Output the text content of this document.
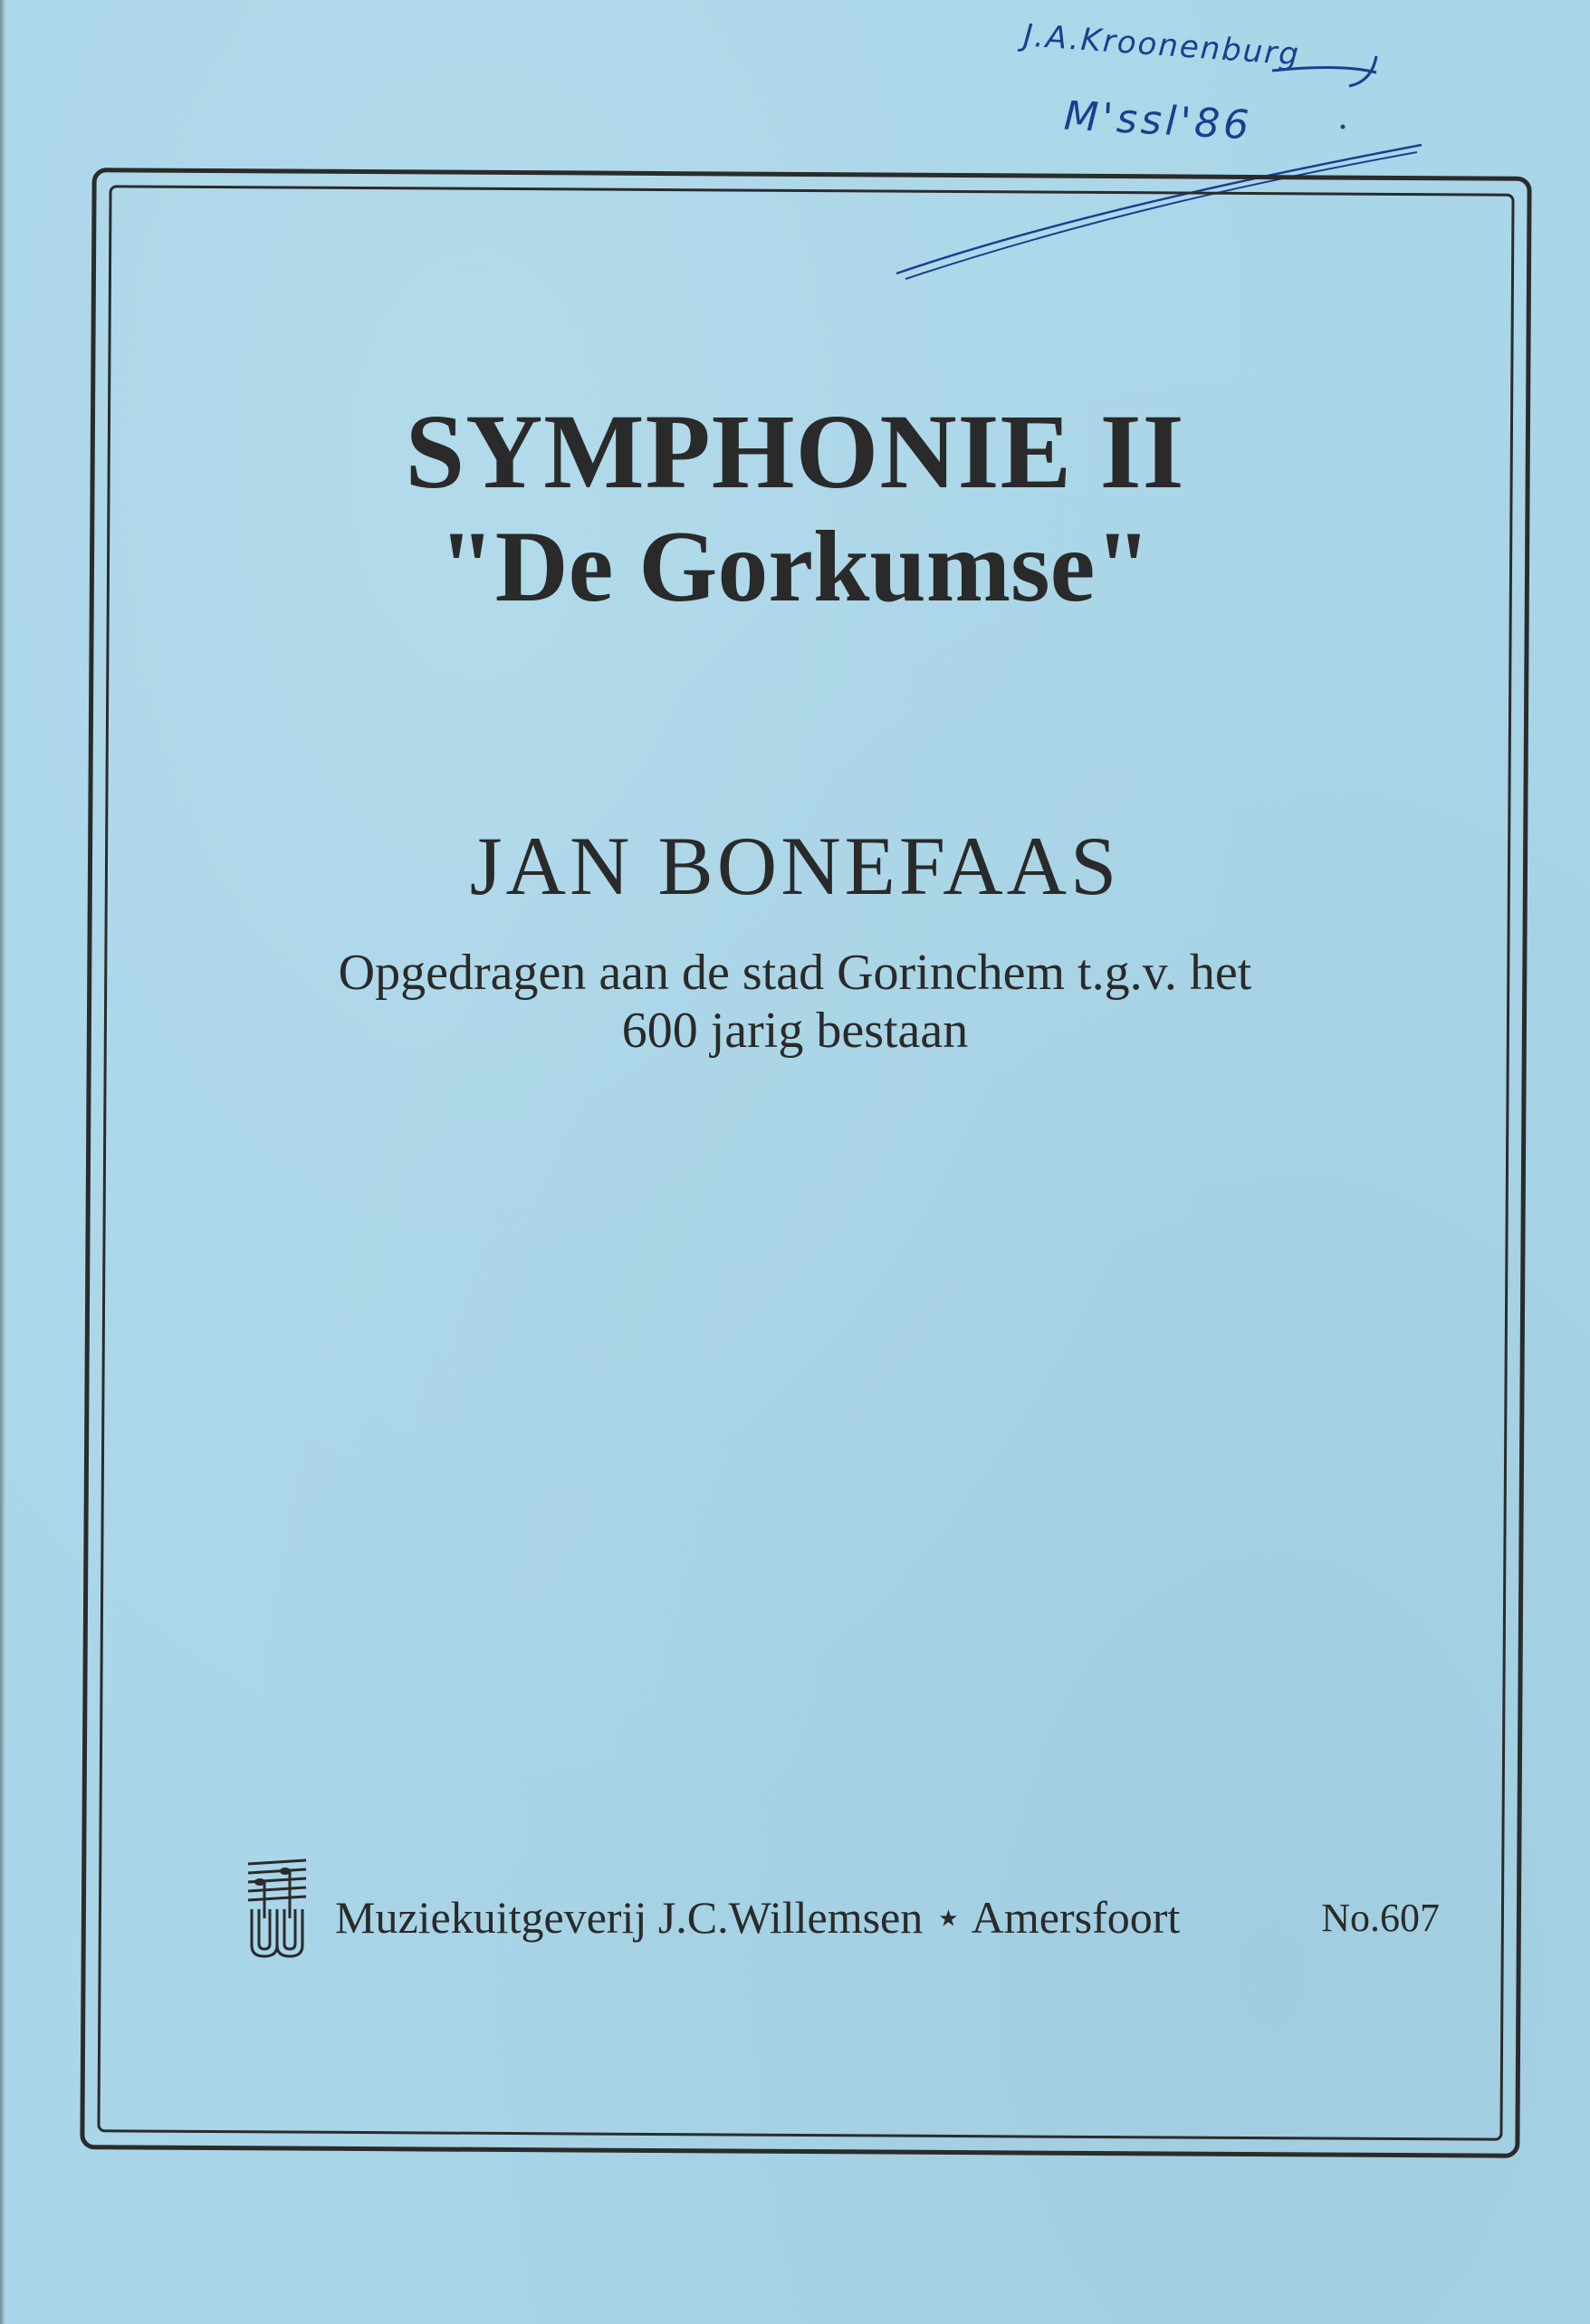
J.A.Kroonenburg
M'ssl'86
SYMPHONIE II
"De Gorkumse"
JAN BONEFAAS
Opgedragen aan de stad Gorinchem t.g.v. het
600 jarig bestaan
Muziekuitgeverij J.C.Willemsen ⋆ Amersfoort	No.607
